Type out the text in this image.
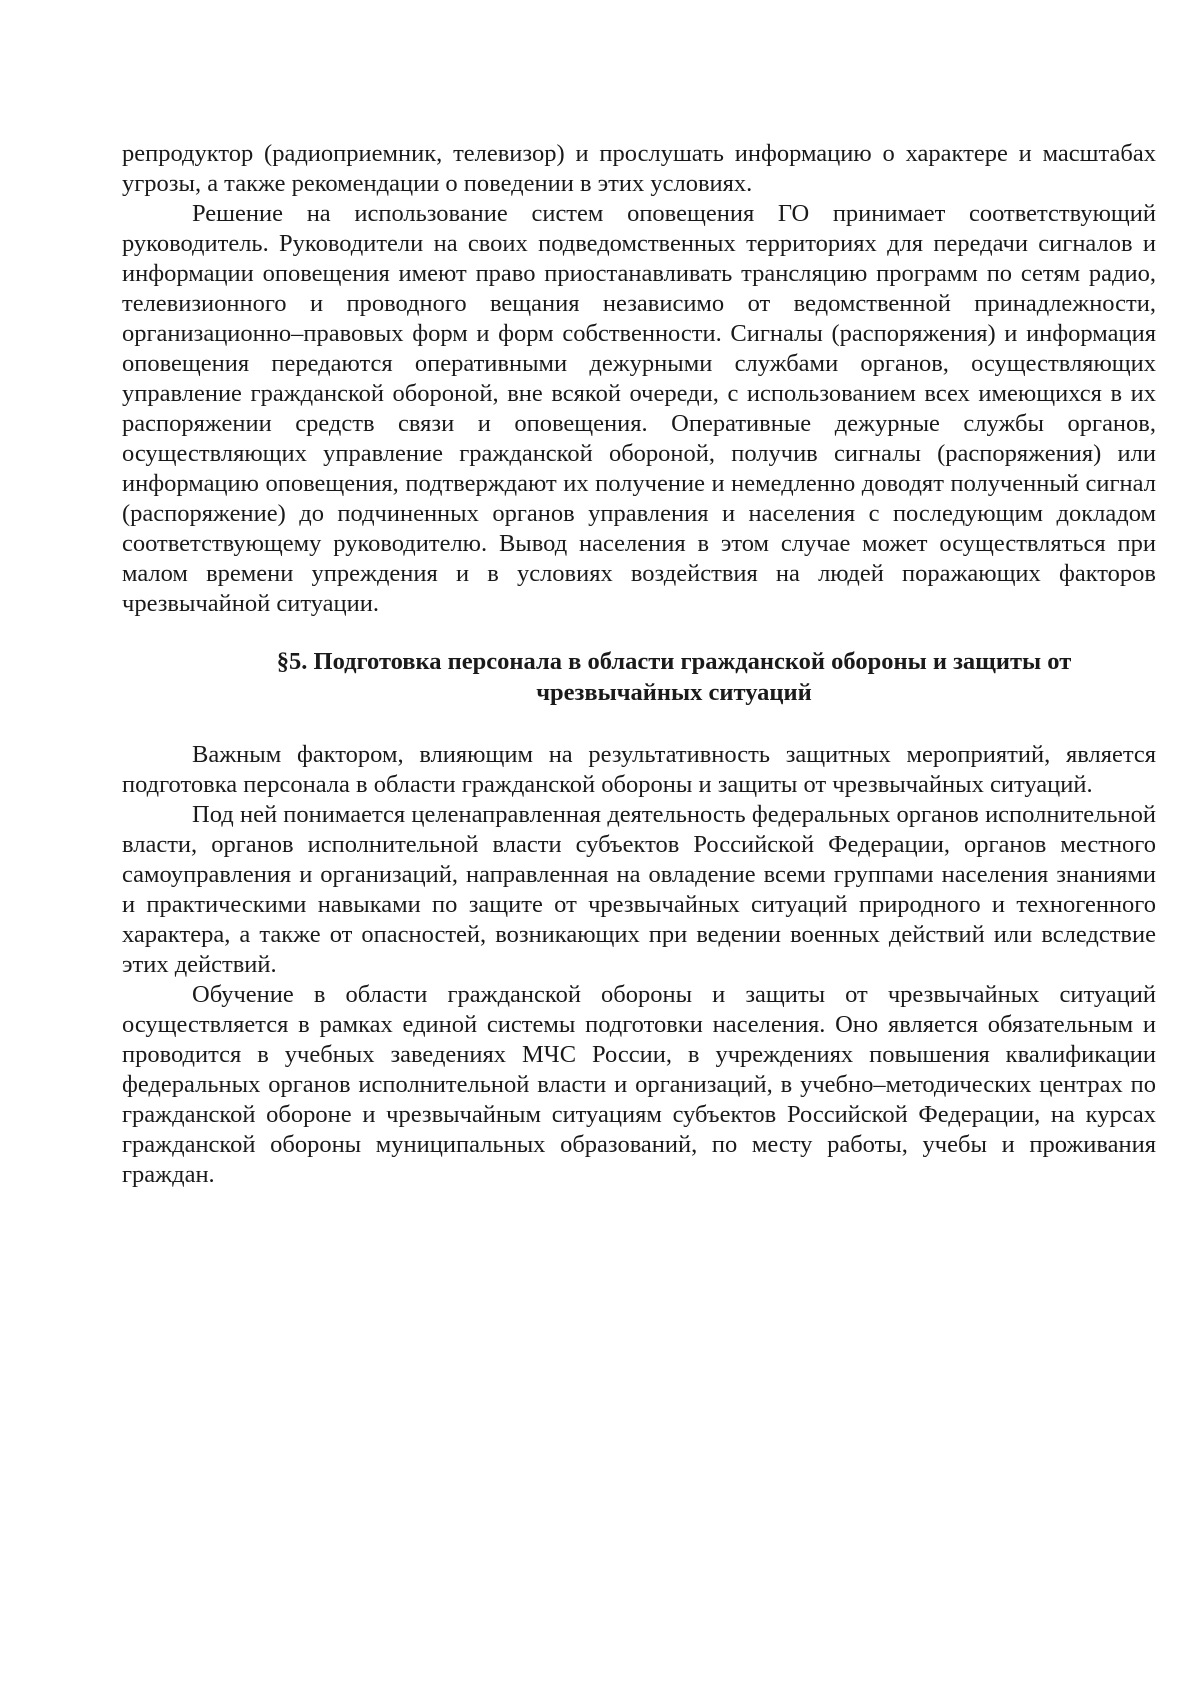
репродуктор (радиоприемник, телевизор) и прослушать информацию о характере и масштабах угрозы, а также рекомендации о поведении в этих условиях.

Решение на использование систем оповещения ГО принимает соответствующий руководитель. Руководители на своих подведомственных территориях для передачи сигналов и информации оповещения имеют право приостанавливать трансляцию программ по сетям радио, телевизионного и проводного вещания независимо от ведомственной принадлежности, организационно–правовых форм и форм собственности. Сигналы (распоряжения) и информация оповещения передаются оперативными дежурными службами органов, осуществляющих управление гражданской обороной, вне всякой очереди, с использованием всех имеющихся в их распоряжении средств связи и оповещения. Оперативные дежурные службы органов, осуществляющих управление гражданской обороной, получив сигналы (распоряжения) или информацию оповещения, подтверждают их получение и немедленно доводят полученный сигнал (распоряжение) до подчиненных органов управления и населения с последующим докладом соответствующему руководителю. Вывод населения в этом случае может осуществляться при малом времени упреждения и в условиях воздействия на людей поражающих факторов чрезвычайной ситуации.

§5. Подготовка персонала в области гражданской обороны и защиты от чрезвычайных ситуаций

Важным фактором, влияющим на результативность защитных мероприятий, является подготовка персонала в области гражданской обороны и защиты от чрезвычайных ситуаций.

Под ней понимается целенаправленная деятельность федеральных органов исполнительной власти, органов исполнительной власти субъектов Российской Федерации, органов местного самоуправления и организаций, направленная на овладение всеми группами населения знаниями и практическими навыками по защите от чрезвычайных ситуаций природного и техногенного характера, а также от опасностей, возникающих при ведении военных действий или вследствие этих действий.

Обучение в области гражданской обороны и защиты от чрезвычайных ситуаций осуществляется в рамках единой системы подготовки населения. Оно является обязательным и проводится в учебных заведениях МЧС России, в учреждениях повышения квалификации федеральных органов исполнительной власти и организаций, в учебно–методических центрах по гражданской обороне и чрезвычайным ситуациям субъектов Российской Федерации, на курсах гражданской обороны муниципальных образований, по месту работы, учебы и проживания граждан.
